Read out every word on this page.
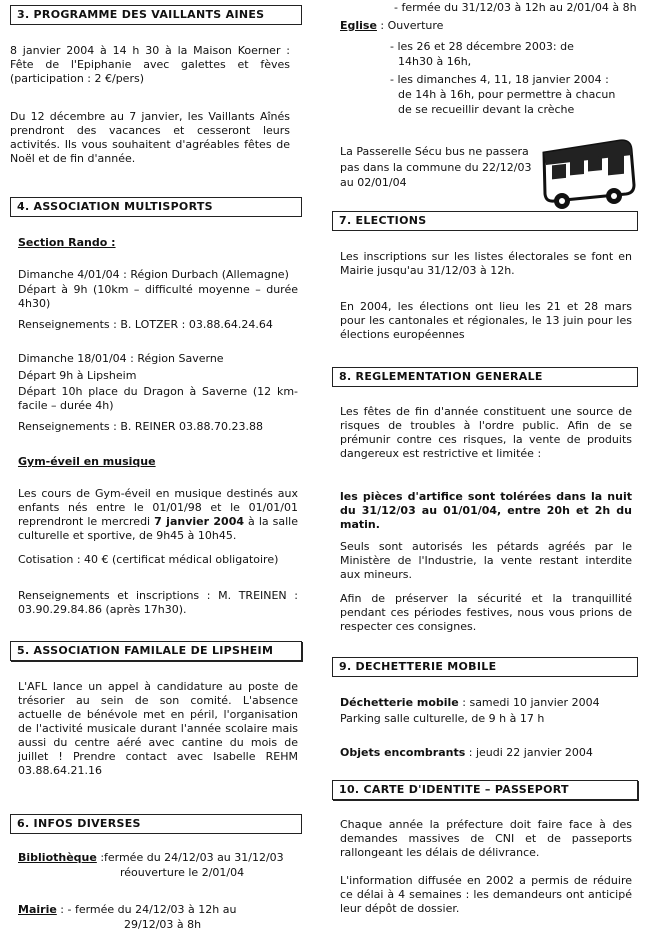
3. PROGRAMME DES VAILLANTS AINES

8 janvier 2004 à 14 h 30 à la Maison Koerner : Fête de l'Epiphanie avec galettes et fèves (participation : 2 €/pers)

Du 12 décembre au 7 janvier, les Vaillants Aînés prendront des vacances et cesseront leurs activités. Ils vous souhaitent d'agréables fêtes de Noël et de fin d'année.

4. ASSOCIATION MULTISPORTS
Section Rando :

Dimanche 4/01/04 : Région Durbach (Allemagne)

Départ à 9h (10km – difficulté moyenne – durée 4h30)

Renseignements : B. LOTZER : 03.88.64.24.64

Dimanche 18/01/04 : Région Saverne

Départ 9h à Lipsheim

Départ 10h place du Dragon à Saverne (12 km-facile – durée 4h)

Renseignements : B. REINER 03.88.70.23.88

Gym-éveil en musique

Les cours de Gym-éveil en musique destinés aux enfants nés entre le 01/01/98 et le 01/01/01 reprendront le mercredi 7 janvier 2004 à la salle culturelle et sportive, de 9h45 à 10h45.

Cotisation : 40 € (certificat médical obligatoire)

Renseignements et inscriptions : M. TREINEN : 03.90.29.84.86 (après 17h30).

5. ASSOCIATION FAMILALE DE LIPSHEIM

L'AFL lance un appel à candidature au poste de trésorier au sein de son comité. L'absence actuelle de bénévole met en péril, l'organisation de l'activité musicale durant l'année scolaire mais aussi du centre aéré avec cantine du mois de juillet ! Prendre contact avec Isabelle REHM 03.88.64.21.16

6. INFOS DIVERSES
Bibliothèque : fermée du 24/12/03 au 31/12/03
réouverture le 2/01/04
Mairie : - fermée du 24/12/03 à 12h au
29/12/03 à 8h
- fermée du 31/12/03 à 12h au 2/01/04 à 8h
Eglise : Ouverture
- les 26 et 28 décembre 2003: de
14h30 à 16h,
- les dimanches 4, 11, 18 janvier 2004 :
de 14h à 16h, pour permettre à chacun
de se recueillir devant la crèche
La Passerelle Sécu bus ne passera
pas dans la commune du 22/12/03
au 02/01/04
7. ELECTIONS

Les inscriptions sur les listes électorales se font en Mairie jusqu'au 31/12/03 à 12h.

En 2004, les élections ont lieu les 21 et 28 mars pour les cantonales et régionales, le 13 juin pour les élections européennes

8. REGLEMENTATION GENERALE

Les fêtes de fin d'année constituent une source de risques de troubles à l'ordre public. Afin de se prémunir contre ces risques, la vente de produits dangereux est restrictive et limitée :

les pièces d'artifice sont tolérées dans la nuit du 31/12/03 au 01/01/04, entre 20h et 2h du matin.

Seuls sont autorisés les pétards agréés par le Ministère de l'Industrie, la vente restant interdite aux mineurs.

Afin de préserver la sécurité et la tranquillité pendant ces périodes festives, nous vous prions de respecter ces consignes.

9. DECHETTERIE MOBILE
Déchetterie mobile : samedi 10 janvier 2004
Parking salle culturelle, de 9 h à 17 h
Objets encombrants : jeudi 22 janvier 2004
10. CARTE D'IDENTITE – PASSEPORT

Chaque année la préfecture doit faire face à des demandes massives de CNI et de passeports rallongeant les délais de délivrance.

L'information diffusée en 2002 a permis de réduire ce délai à 4 semaines : les demandeurs ont anticipé leur dépôt de dossier.
